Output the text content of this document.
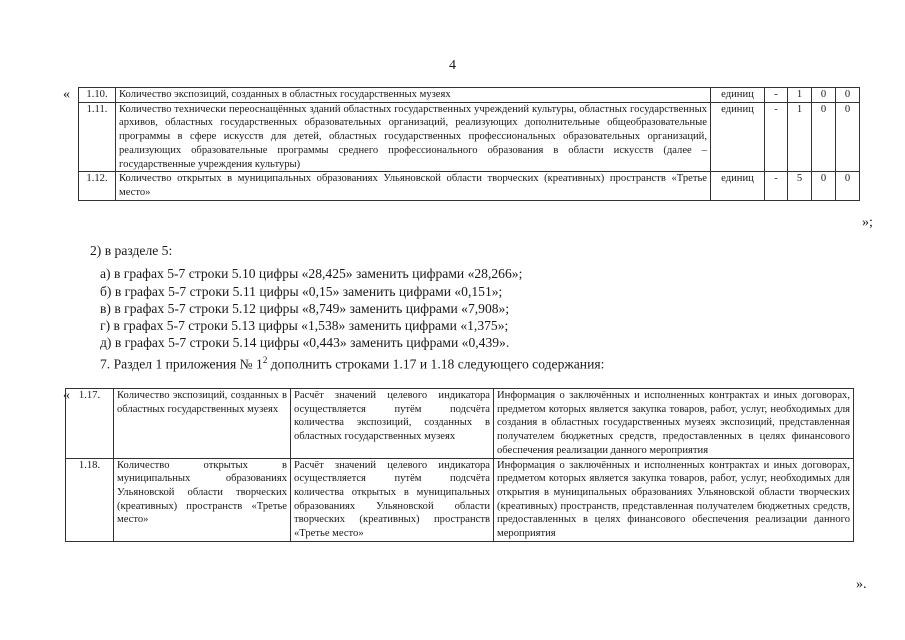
4
« 1.10.	Количество экспозиций, созданных в областных государственных музеях	единиц	-	1	0	0
1.11.	Количество технически переоснащённых зданий областных государственных учреждений культуры, областных государственных архивов, областных государственных образовательных организаций, реализующих дополнительные общеобразовательные программы в сфере искусств для детей, областных государственных профессиональных образовательных организаций, реализующих образовательные программы среднего профессионального образования в области искусств (далее – государственные учреждения культуры)	единиц	-	1	0	0
1.12.	Количество открытых в муниципальных образованиях Ульяновской области творческих (креативных) пространств «Третье место»	единиц	-	5	0	0
»;
2) в разделе 5:
а) в графах 5-7 строки 5.10 цифры «28,425» заменить цифрами «28,266»;
б) в графах 5-7 строки 5.11 цифры «0,15» заменить цифрами «0,151»;
в) в графах 5-7 строки 5.12 цифры «8,749» заменить цифрами «7,908»;
г) в графах 5-7 строки 5.13 цифры «1,538» заменить цифрами «1,375»;
д) в графах 5-7 строки 5.14 цифры «0,443» заменить цифрами «0,439».
7. Раздел 1 приложения № $1^2$ дополнить строками 1.17 и 1.18 следующего содержания:
« 1.17.	Количество экспозиций, созданных в областных государственных музеях	Расчёт значений целевого индикатора осуществляется путём подсчёта количества экспозиций, созданных в областных государственных музеях	Информация о заключённых и исполненных контрактах и иных договорах, предметом которых является закупка товаров, работ, услуг, необходимых для создания в областных государственных музеях экспозиций, представленная получателем бюджетных средств, предоставленных в целях финансового обеспечения реализации данного мероприятия
1.18.	Количество открытых в муниципальных образованиях Ульяновской области творческих (креативных) пространств «Третье место»	Расчёт значений целевого индикатора осуществляется путём подсчёта количества открытых в муниципальных образованиях Ульяновской области творческих (креативных) пространств «Третье место»	Информация о заключённых и исполненных контрактах и иных договорах, предметом которых является закупка товаров, работ, услуг, необходимых для открытия в муниципальных образованиях Ульяновской области творческих (креативных) пространств, представленная получателем бюджетных средств, предоставленных в целях финансового обеспечения реализации данного мероприятия
».
